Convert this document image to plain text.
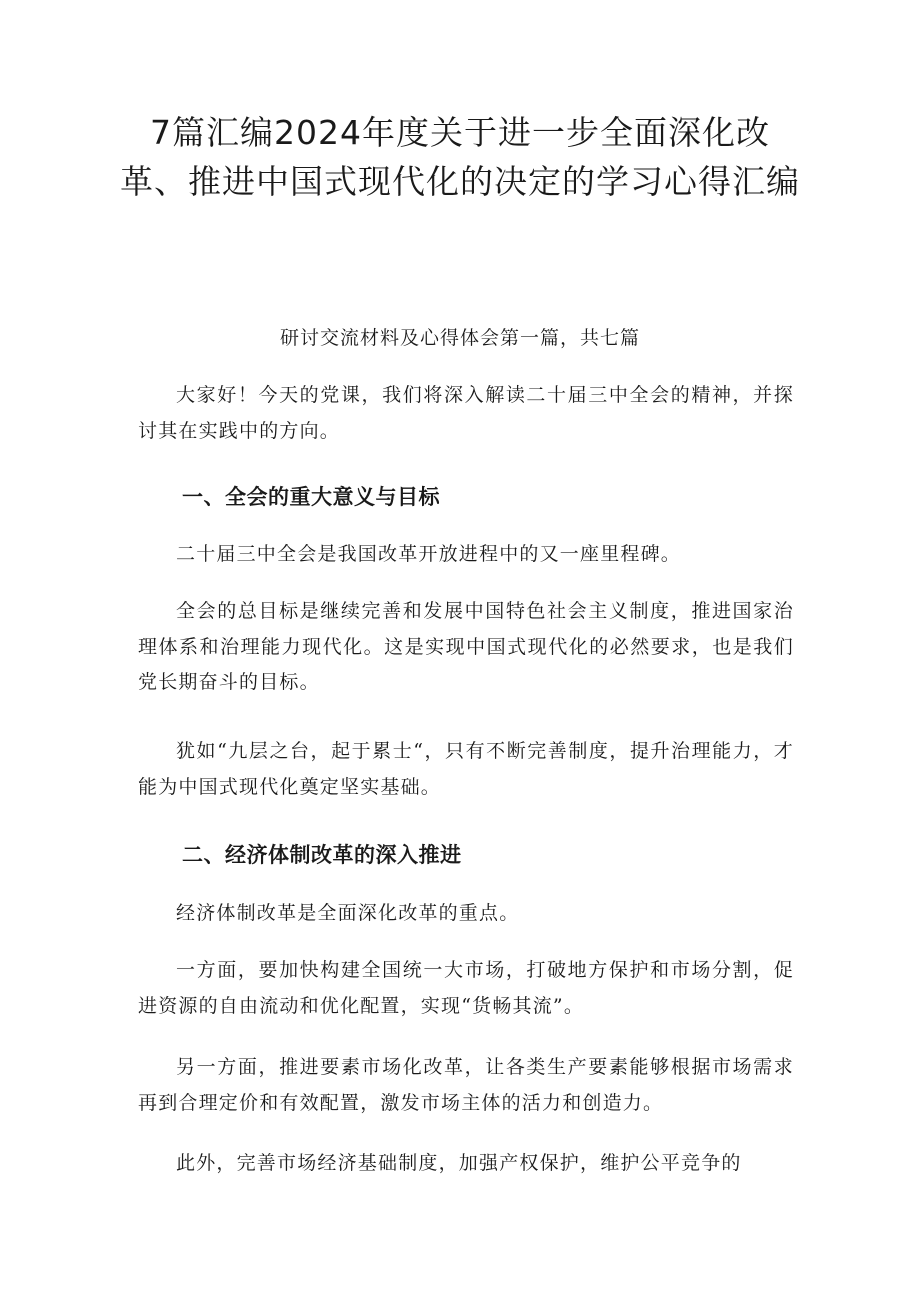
7篇汇编2024年度关于进一步全面深化改革、推进中国式现代化的决定的学习心得汇编

研讨交流材料及心得体会第一篇，共七篇

大家好！今天的党课，我们将深入解读二十届三中全会的精神，并探讨其在实践中的方向。

一、全会的重大意义与目标

二十届三中全会是我国改革开放进程中的又一座里程碑。

全会的总目标是继续完善和发展中国特色社会主义制度，推进国家治理体系和治理能力现代化。这是实现中国式现代化的必然要求，也是我们党长期奋斗的目标。

犹如“九层之台，起于累士“，只有不断完善制度，提升治理能力，才能为中国式现代化奠定坚实基础。

二、经济体制改革的深入推进

经济体制改革是全面深化改革的重点。

一方面，要加快构建全国统一大市场，打破地方保护和市场分割，促进资源的自由流动和优化配置，实现“货畅其流”。

另一方面，推进要素市场化改革，让各类生产要素能够根据市场需求再到合理定价和有效配置，激发市场主体的活力和创造力。

此外，完善市场经济基础制度，加强产权保护，维护公平竞争的
